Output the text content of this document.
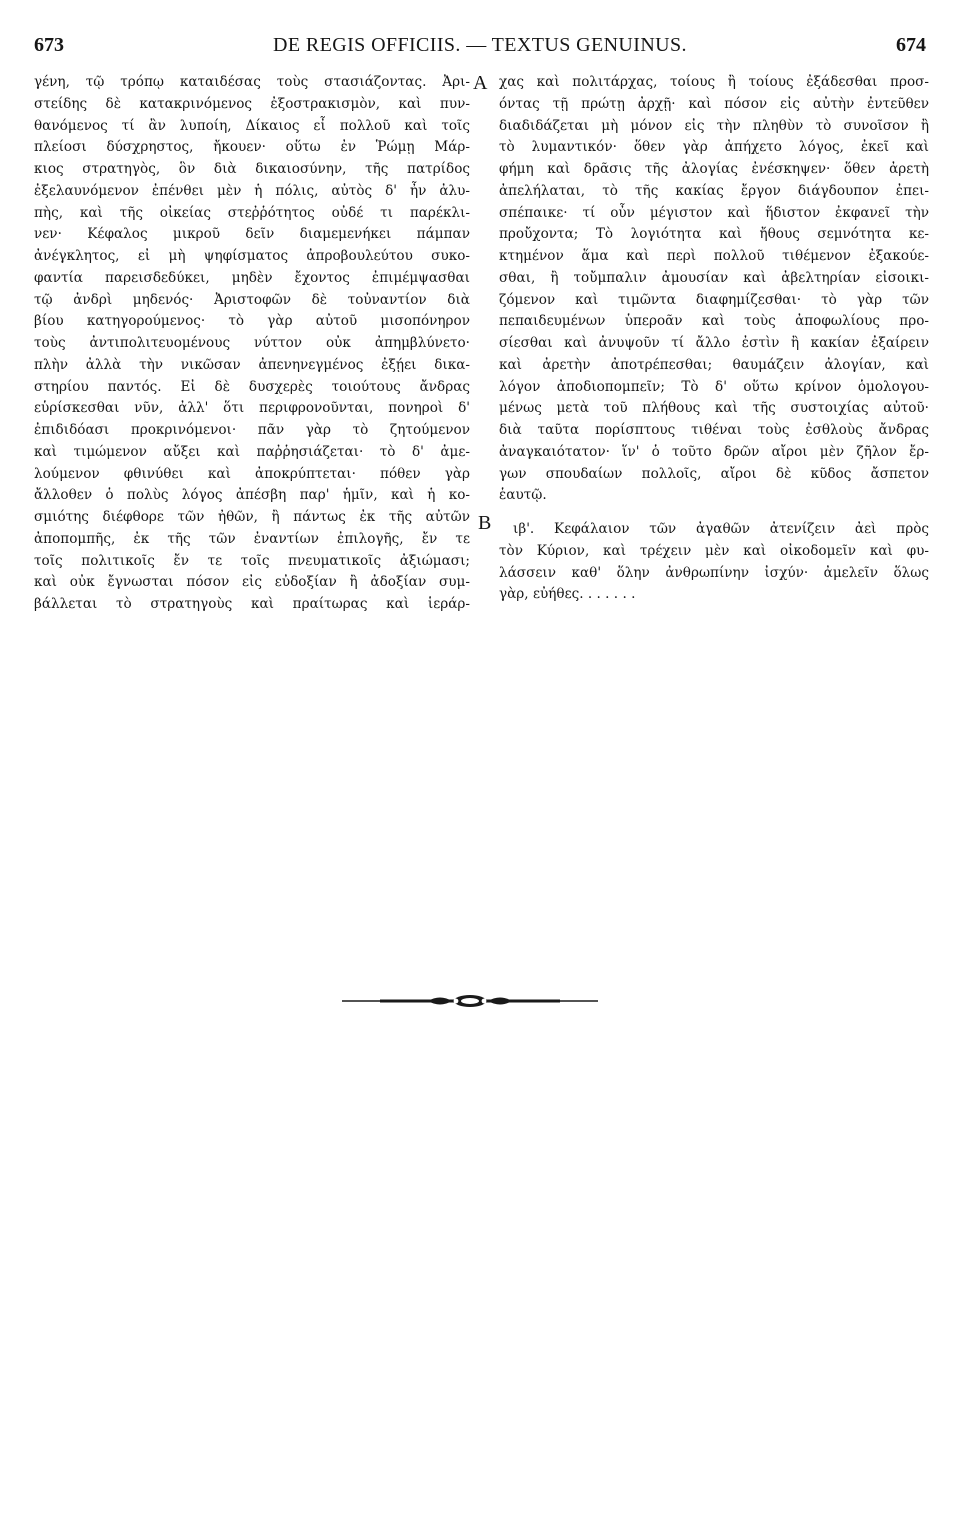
673	DE REGIS OFFICIIS. — TEXTUS GENUINUS.	674
A
B
γένη, τῷ τρόπῳ καταιδέσας τοὺς στασιάζοντας. Ἀρι-
στείδης δὲ κατακρινόμενος ἐξοστρακισμὸν, καὶ πυν-
θανόμενος τί ἂν λυποίη, Δίκαιος εἶ πολλοῦ καὶ τοῖς
πλείοσι δύσχρηστος, ἤκουεν· οὕτω ἐν Ῥώμῃ Μάρ-
κιος στρατηγὸς, ὃν διὰ δικαιοσύνην, τῆς πατρίδος
ἐξελαυνόμενον ἐπένθει μὲν ἡ πόλις, αὐτὸς δ' ἦν ἀλυ-
πὴς, καὶ τῆς οἰκείας στεῤῥότητος οὐδέ τι παρέκλι-
νεν· Κέφαλος μικροῦ δεῖν διαμεμενήκει πάμπαν
ἀνέγκλητος, εἰ μὴ ψηφίσματος ἀπροβουλεύτου συκο-
φαντία παρεισδεδύκει, μηδὲν ἔχοντος ἐπιμέμψασθαι
τῷ ἀνδρὶ μηδενός· Ἀριστοφῶν δὲ τοὐναντίον διὰ
βίου κατηγορούμενος· τὸ γὰρ αὐτοῦ μισοπόνηρον
τοὺς ἀντιπολιτευομένους νύττον οὐκ ἀπημβλύνετο·
πλὴν ἀλλὰ τὴν νικῶσαν ἀπενηνεγμένος ἐξῄει δικα-
στηρίου παντός. Εἰ δὲ δυσχερὲς τοιούτους ἄνδρας
εὑρίσκεσθαι νῦν, ἀλλ' ὅτι περιφρονοῦνται, πονηροὶ δ'
ἐπιδιδόασι προκρινόμενοι· πᾶν γὰρ τὸ ζητούμενον
καὶ τιμώμενον αὔξει καὶ παῤῥησιάζεται· τὸ δ' ἀμε-
λούμενον φθινύθει καὶ ἀποκρύπτεται· πόθεν γὰρ
ἄλλοθεν ὁ πολὺς λόγος ἀπέσβη παρ' ἡμῖν, καὶ ἡ κο-
σμιότης διέφθορε τῶν ἠθῶν, ἢ πάντως ἐκ τῆς αὐτῶν
ἀποπομπῆς, ἐκ τῆς τῶν ἐναντίων ἐπιλογῆς, ἔν τε
τοῖς πολιτικοῖς ἔν τε τοῖς πνευματικοῖς ἀξιώμασι;
καὶ οὐκ ἔγνωσται πόσον εἰς εὐδοξίαν ἢ ἀδοξίαν συμ-
βάλλεται τὸ στρατηγοὺς καὶ πραίτωρας καὶ ἱεράρ-
χας καὶ πολιτάρχας, τοίους ἢ τοίους ἐξάδεσθαι προσ-
όντας τῇ πρώτῃ ἀρχῇ· καὶ πόσον εἰς αὐτὴν ἐντεῦθεν
διαδιδάζεται μὴ μόνον εἰς τὴν πληθὺν τὸ συνοῖσον ἢ
τὸ λυμαντικόν· ὅθεν γὰρ ἀπήχετο λόγος, ἐκεῖ καὶ
φήμη καὶ δρᾶσις τῆς ἀλογίας ἐνέσκηψεν· ὅθεν ἀρετὴ
ἀπελήλαται, τὸ τῆς κακίας ἔργον διάγδουπον ἐπει-
σπέπαικε· τί οὖν μέγιστον καὶ ἥδιστον ἐκφανεῖ τὴν
προὔχοντα; Τὸ λογιότητα καὶ ἤθους σεμνότητα κε-
κτημένον ἅμα καὶ περὶ πολλοῦ τιθέμενον ἐξακούε-
σθαι, ἢ τοὔμπαλιν ἀμουσίαν καὶ ἀβελτηρίαν εἰσοικι-
ζόμενον καὶ τιμῶντα διαφημίζεσθαι· τὸ γὰρ τῶν
πεπαιδευμένων ὑπεροᾶν καὶ τοὺς ἀποφωλίους προ-
σίεσθαι καὶ ἀνυψοῦν τί ἄλλο ἐστὶν ἢ κακίαν ἐξαίρειν
καὶ ἀρετὴν ἀποτρέπεσθαι; θαυμάζειν ἀλογίαν, καὶ
λόγον ἀποδιοπομπεῖν; Τὸ δ' οὕτω κρίνον ὁμολογου-
μένως μετὰ τοῦ πλήθους καὶ τῆς συστοιχίας αὐτοῦ·
διὰ ταῦτα πορίσπτους τιθέναι τοὺς ἐσθλοὺς ἄνδρας
ἀναγκαιότατον· ἵν' ὁ τοῦτο δρῶν αἴροι μὲν ζῆλον ἔρ-
γων σπουδαίων πολλοῖς, αἴροι δὲ κῦδος ἄσπετον
ἑαυτῷ.
ιβ'. Κεφάλαιον τῶν ἀγαθῶν ἀτενίζειν ἀεὶ πρὸς
τὸν Κύριον, καὶ τρέχειν μὲν καὶ οἰκοδομεῖν καὶ φυ-
λάσσειν καθ' ὅλην ἀνθρωπίνην ἰσχύν· ἀμελεῖν ὅλως
γὰρ, εὐήθες. . . . . . .
